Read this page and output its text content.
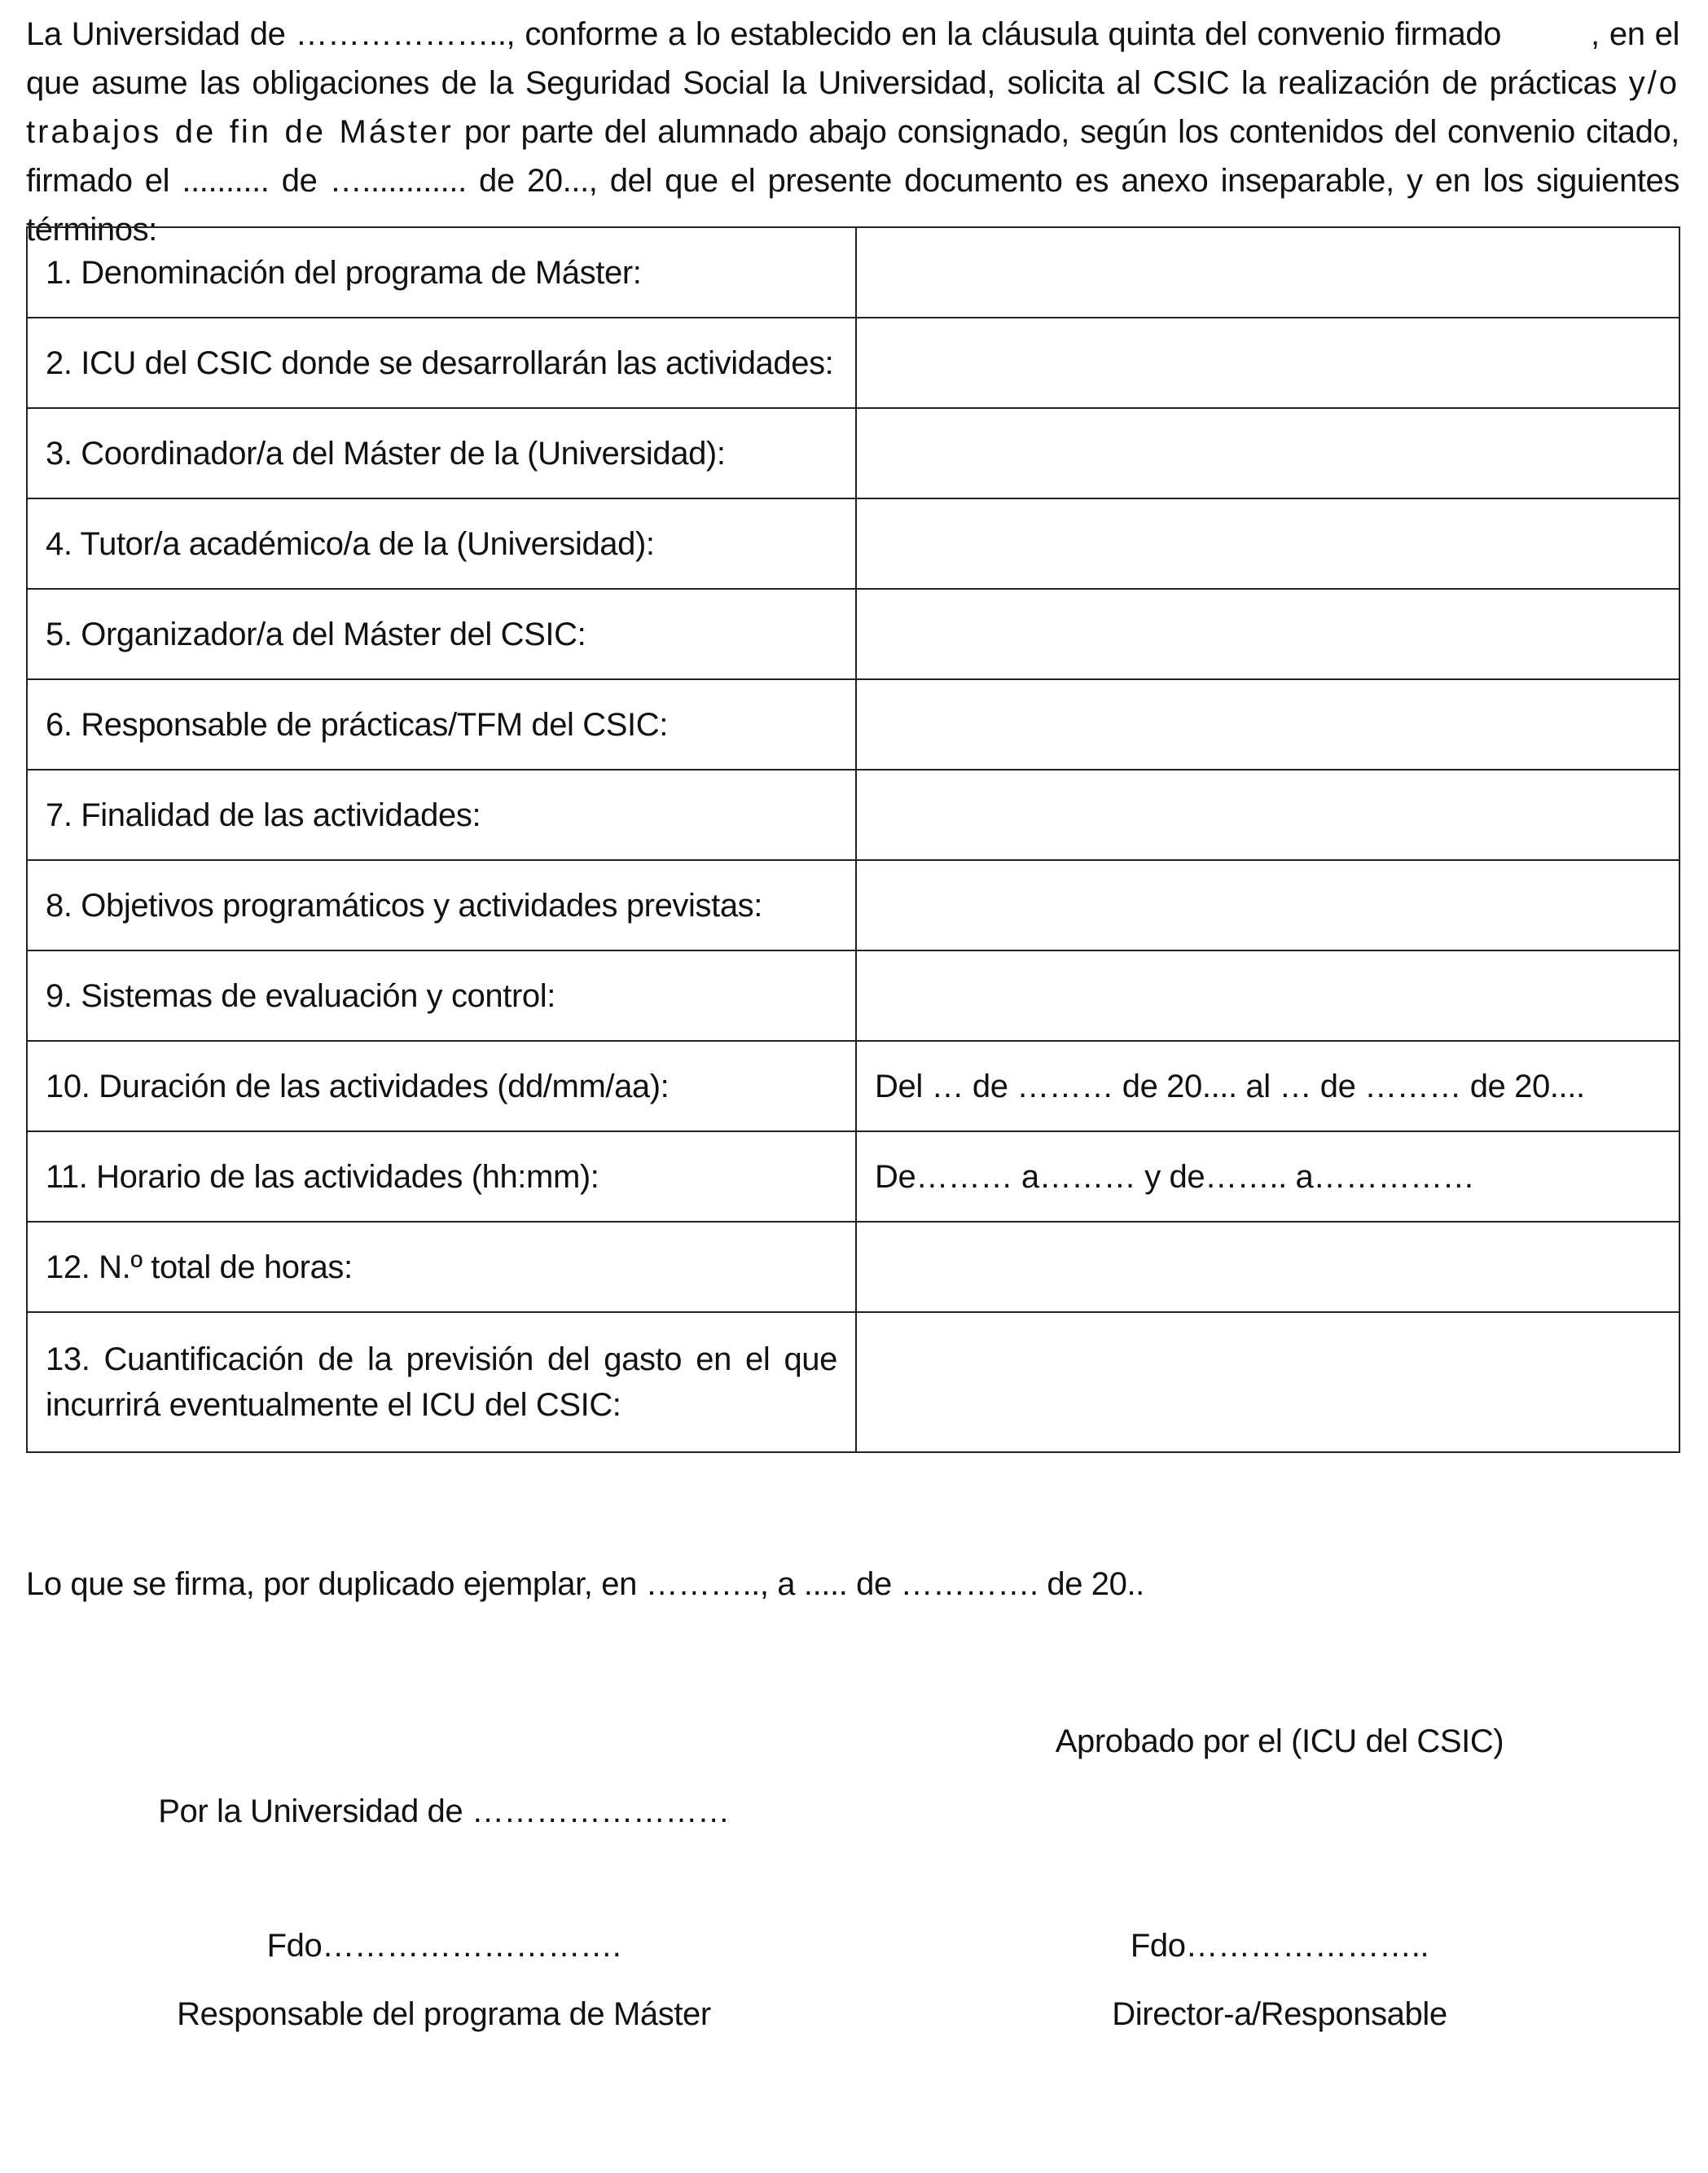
La Universidad de ……………….., conforme a lo establecido en la cláusula quinta del convenio firmado	, en el que asume las obligaciones de la Seguridad Social la Universidad, solicita al CSIC la realización de prácticas y/o trabajos de fin de Máster por parte del alumnado abajo consignado, según los contenidos del convenio citado, firmado el .......... de …............ de 20..., del que el presente documento es anexo inseparable, y en los siguientes términos:

1. Denominación del programa de Máster:	
2. ICU del CSIC donde se desarrollarán las actividades:	
3. Coordinador/a del Máster de la (Universidad):	
4. Tutor/a académico/a de la (Universidad):	
5. Organizador/a del Máster del CSIC:	
6. Responsable de prácticas/TFM del CSIC:	
7. Finalidad de las actividades:	
8. Objetivos programáticos y actividades previstas:	
9. Sistemas de evaluación y control:	
10. Duración de las actividades (dd/mm/aa):	Del … de ……… de 20.... al … de ……… de 20....
11. Horario de las actividades (hh:mm):	De……… a……… y de…….. a……………
12. N.º total de horas:	
13. Cuantificación de la previsión del gasto en el que incurrirá eventualmente el ICU del CSIC:	
Lo que se firma, por duplicado ejemplar, en ……….., a ..... de …………. de 20..
Aprobado por el (ICU del CSIC)
Por la Universidad de ……………………
Fdo……………………….	Fdo…………………..
Responsable del programa de Máster	Director-a/Responsable
